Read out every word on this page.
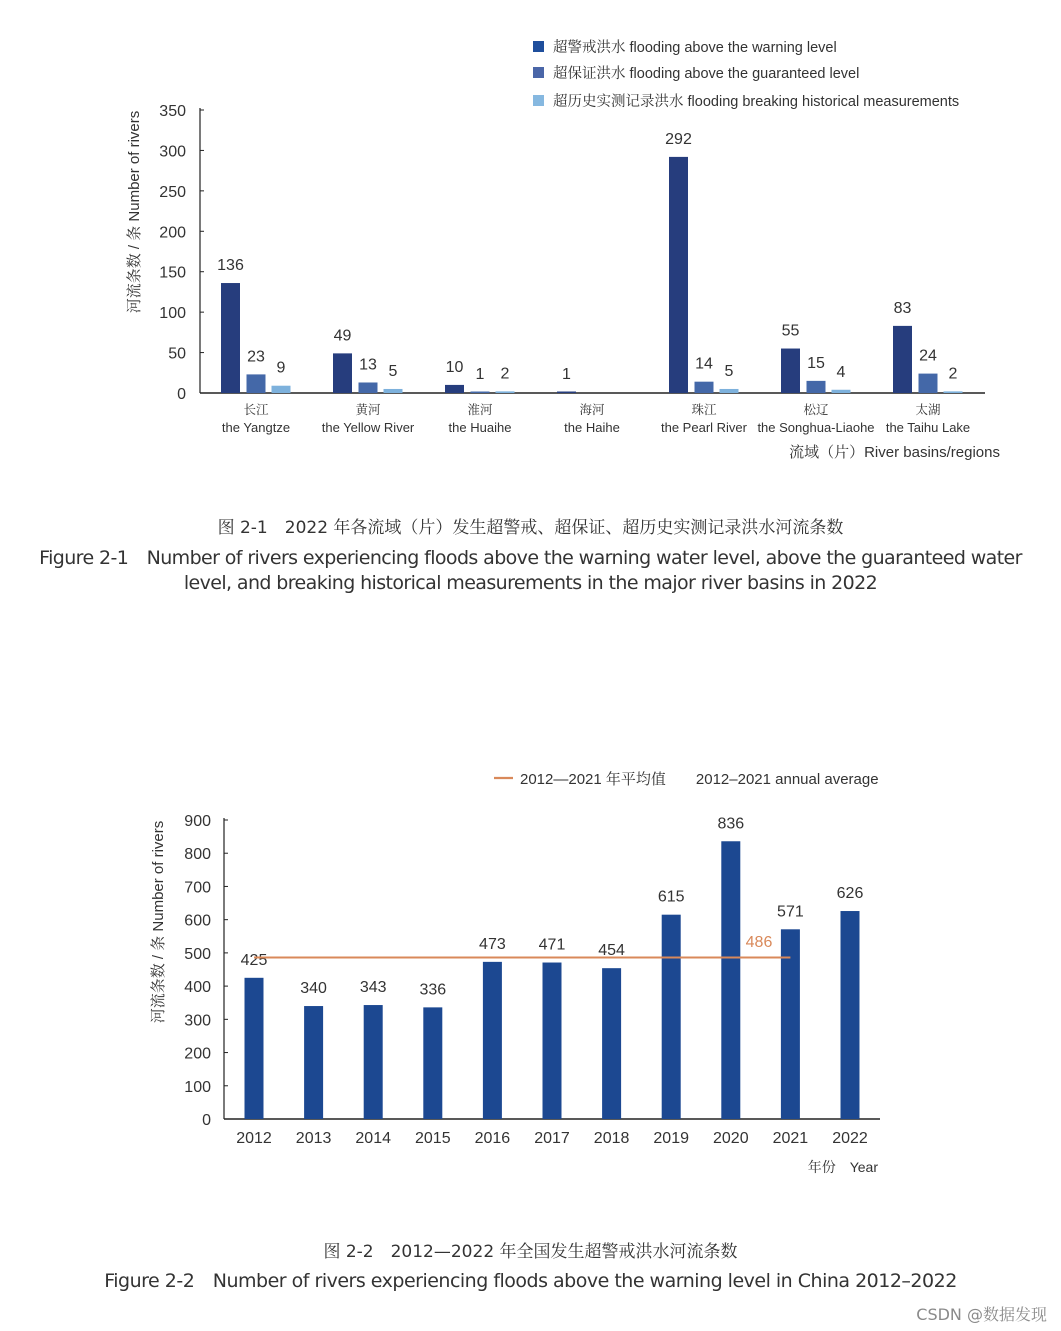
超警戒洪水 flooding above the warning level
超保证洪水 flooding above the guaranteed level
超历史实测记录洪水 flooding breaking historical measurements
0
50
100
150
200
250
300
350
河流条数 / 条 Number of rivers	136
23
9
长江
the Yangtze
49
13 5
黄河
the Yellow River
10 1 2
淮河
the Huaihe
1
海河
the Haihe
292
14 5
珠江
the Pearl River
55
15
4
松辽
the Songhua-Liaohe
83
24
2
太湖
the Taihu Lake
流域（片）River basins/regions
图 2-1　2022 年各流域（片）发生超警戒、超保证、超历史实测记录洪水河流条数
Figure 2-1　Number of rivers experiencing floods above the warning water level, above the guaranteed water
level, and breaking historical measurements in the major river basins in 2022
2012—2021 年平均值　　2012–2021 annual average
0
100
200
300
400
500
600
700
800
900
河流条数 / 条 Number of rivers	425
2012
340
2013
343
2014
336
2015
473
2016
471
2017
454
2018
615
2019
836
2020
571
2021
626
2022
486
年份　Year
图 2-2　2012—2022 年全国发生超警戒洪水河流条数
Figure 2-2　Number of rivers experiencing floods above the warning level in China 2012–2022
CSDN @数据发现
